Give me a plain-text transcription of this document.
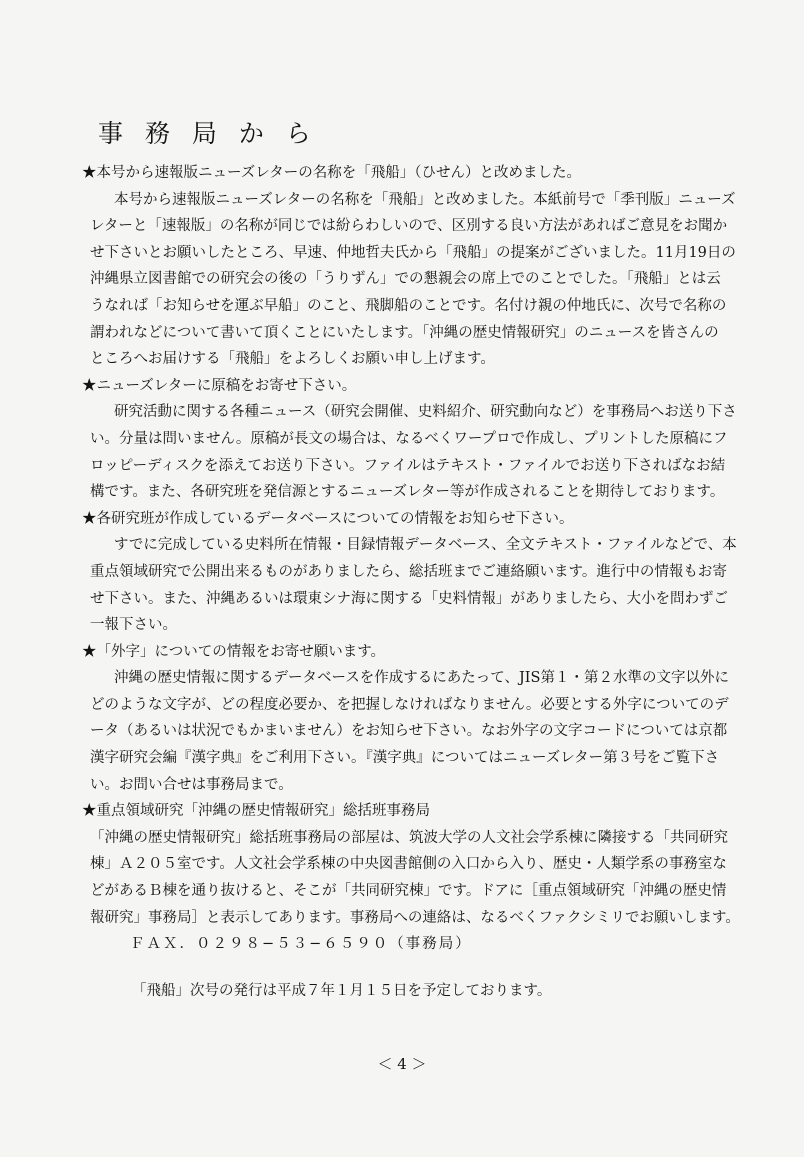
事 務 局 か ら

★本号から速報版ニューズレターの名称を「飛船」（ひせん）と改めました。

本号から速報版ニューズレターの名称を「飛船」と改めました。本紙前号で「季刊版」ニューズ

レターと「速報版」の名称が同じでは紛らわしいので、区別する良い方法があればご意見をお聞か

せ下さいとお願いしたところ、早速、仲地哲夫氏から「飛船」の提案がございました。11月19日の

沖縄県立図書館での研究会の後の「うりずん」での懇親会の席上でのことでした。「飛船」とは云

うなれば「お知らせを運ぶ早船」のこと、飛脚船のことです。名付け親の仲地氏に、次号で名称の

謂われなどについて書いて頂くことにいたします。「沖縄の歴史情報研究」のニュースを皆さんの

ところへお届けする「飛船」をよろしくお願い申し上げます。

★ニューズレターに原稿をお寄せ下さい。

研究活動に関する各種ニュース（研究会開催、史料紹介、研究動向など）を事務局へお送り下さ

い。分量は問いません。原稿が長文の場合は、なるべくワープロで作成し、プリントした原稿にフ

ロッピーディスクを添えてお送り下さい。ファイルはテキスト・ファイルでお送り下さればなお結

構です。また、各研究班を発信源とするニューズレター等が作成されることを期待しております。

★各研究班が作成しているデータベースについての情報をお知らせ下さい。

すでに完成している史料所在情報・目録情報データベース、全文テキスト・ファイルなどで、本

重点領域研究で公開出来るものがありましたら、総括班までご連絡願います。進行中の情報もお寄

せ下さい。また、沖縄あるいは環東シナ海に関する「史料情報」がありましたら、大小を問わずご

一報下さい。

★「外字」についての情報をお寄せ願います。

沖縄の歴史情報に関するデータベースを作成するにあたって、JIS第１・第２水準の文字以外に

どのような文字が、どの程度必要か、を把握しなければなりません。必要とする外字についてのデ

ータ（あるいは状況でもかまいません）をお知らせ下さい。なお外字の文字コードについては京都

漢字研究会編『漢字典』をご利用下さい。『漢字典』についてはニューズレター第３号をご覧下さ

い。お問い合せは事務局まで。

★重点領域研究「沖縄の歴史情報研究」総括班事務局

「沖縄の歴史情報研究」総括班事務局の部屋は、筑波大学の人文社会学系棟に隣接する「共同研究

棟」Ａ２０５室です。人文社会学系棟の中央図書館側の入口から入り、歴史・人類学系の事務室な

どがあるＢ棟を通り抜けると、そこが「共同研究棟」です。ドアに［重点領域研究「沖縄の歴史情

報研究」事務局］と表示してあります。事務局への連絡は、なるべくファクシミリでお願いします。

ＦＡＸ．０２９８−５３−６５９０（事務局）

「飛船」次号の発行は平成７年１月１５日を予定しております。

＜ 4 ＞
